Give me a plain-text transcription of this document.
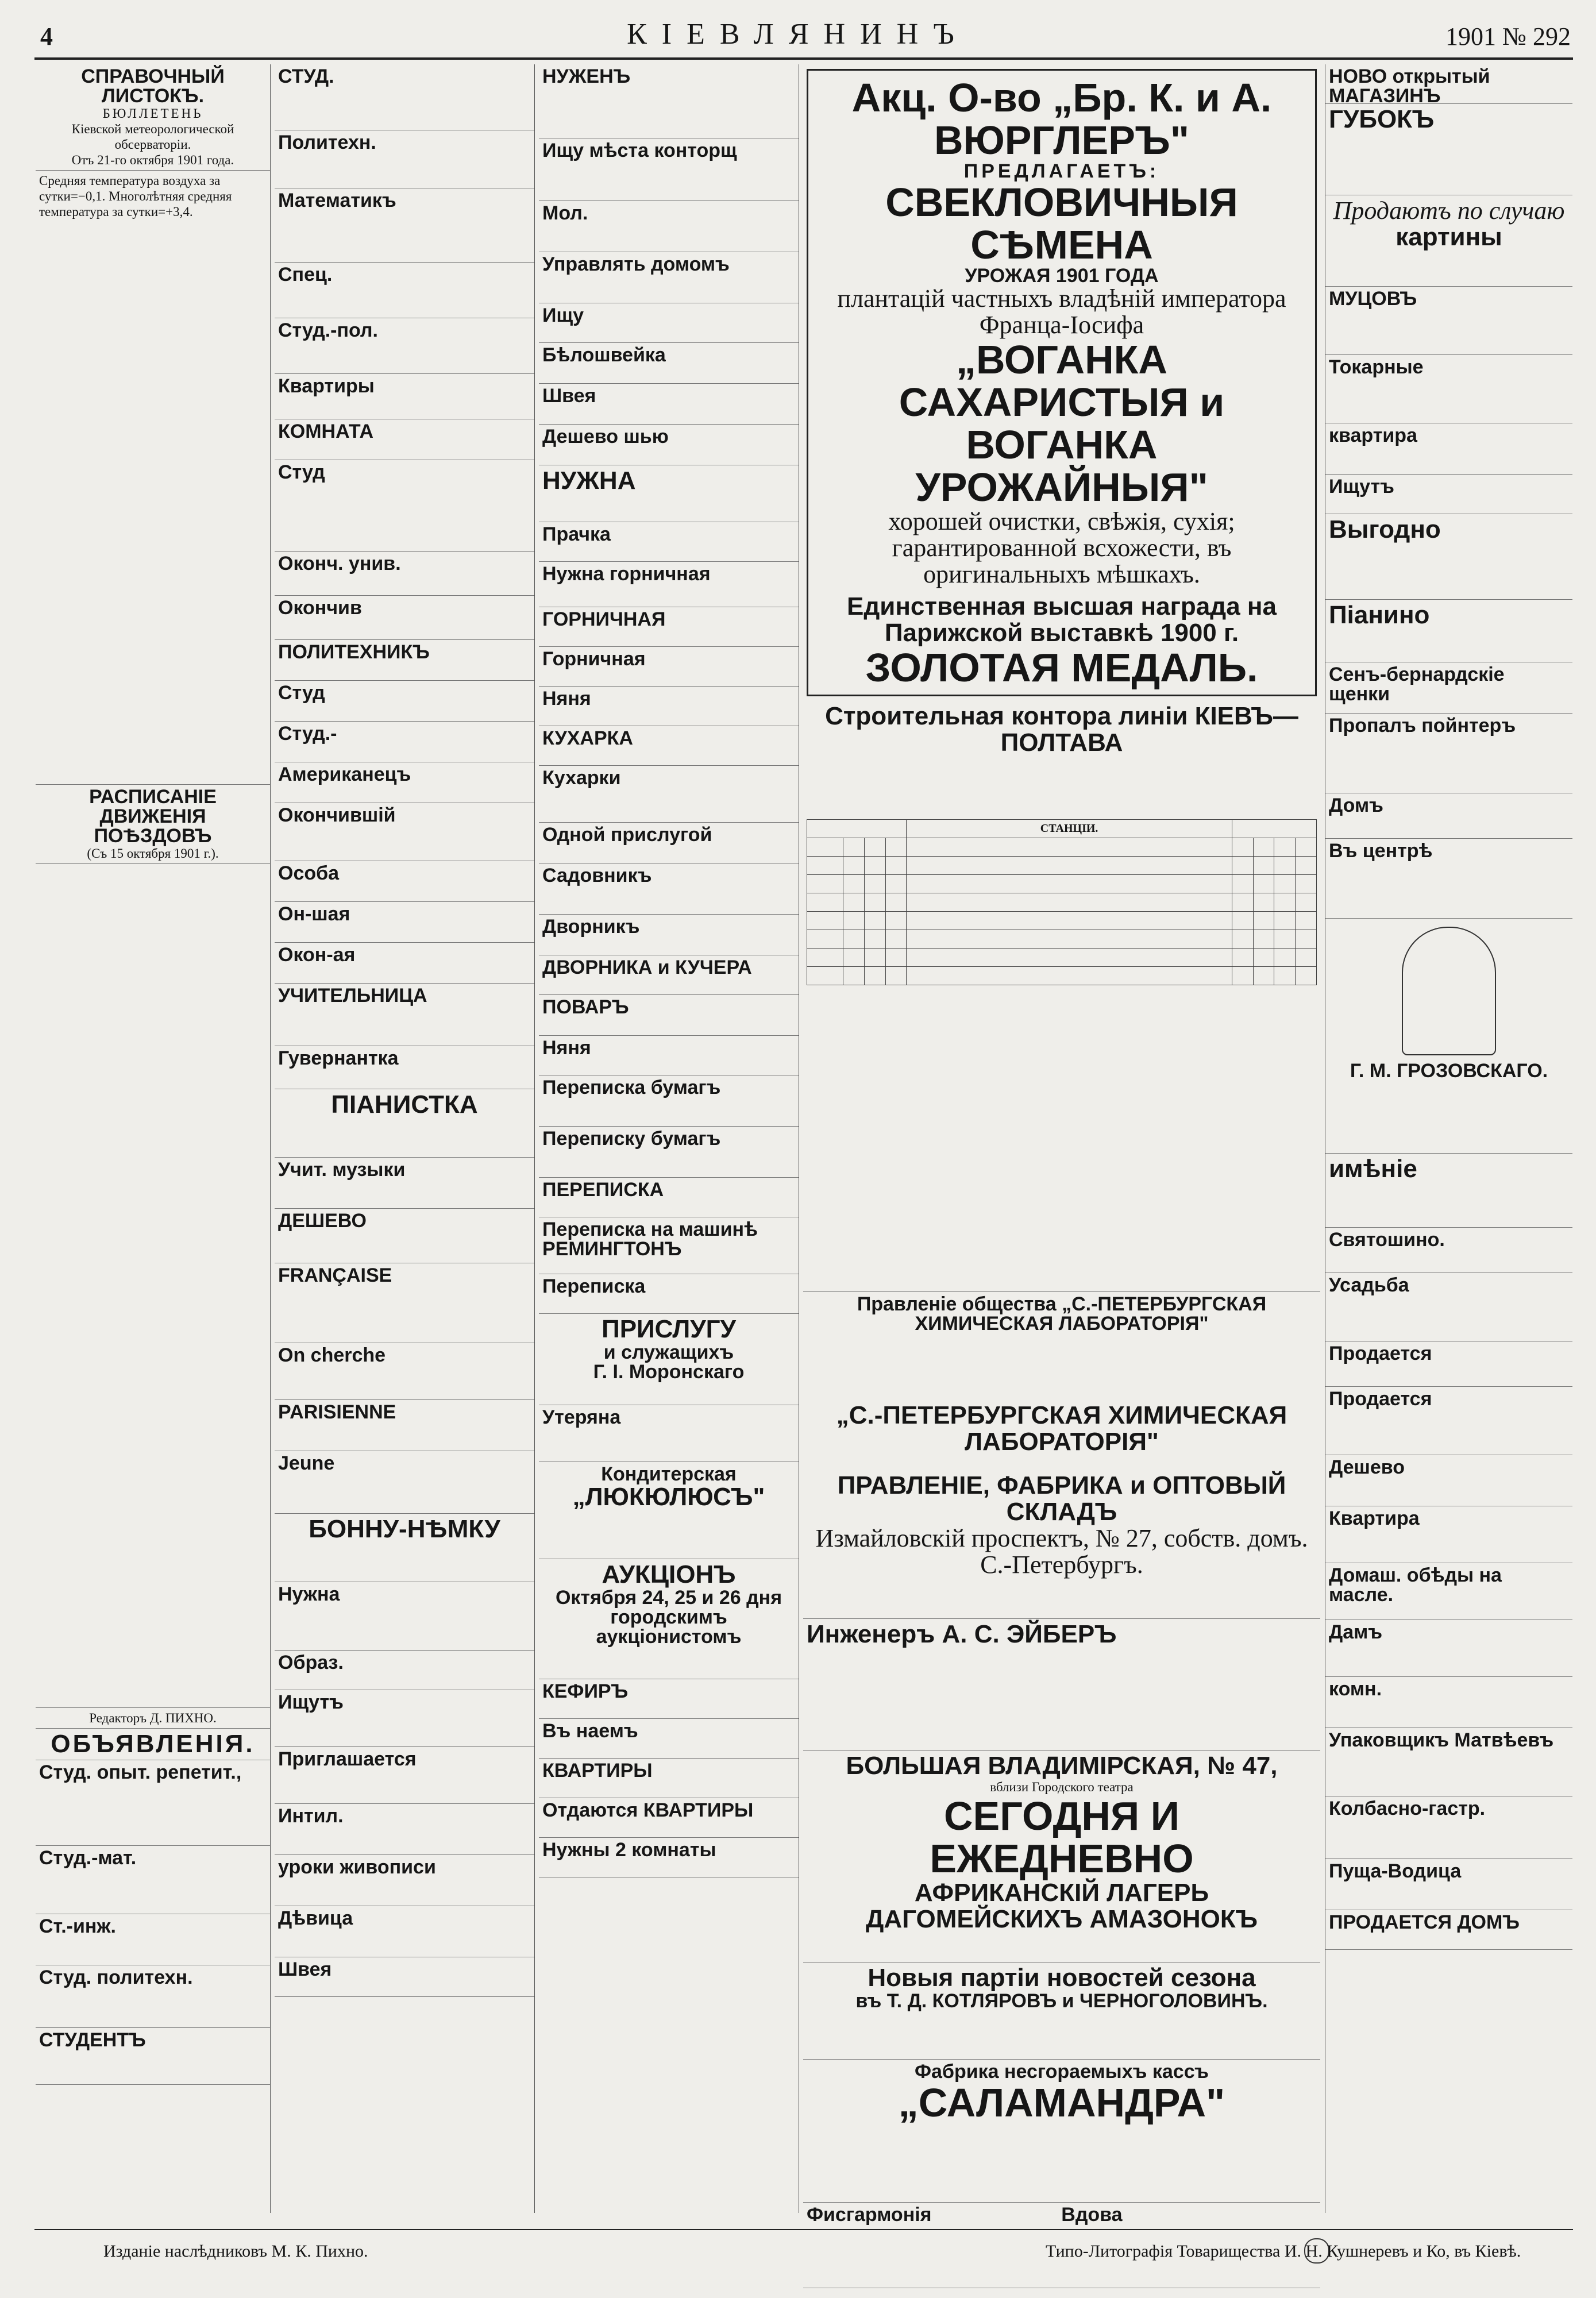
4	КІЕВЛЯНИНЪ	1901 № 292
СПРАВОЧНЫЙ ЛИСТОКЪ.
БЮЛЛЕТЕНЬ
Кіевской метеорологической обсерваторіи.
Отъ 21-го октября 1901 года.
Средняя температура воздуха за сутки=−0,1. Многолѣтняя средняя температура за сутки=+3,4.
РАСПИСАНІЕ ДВИЖЕНІЯ ПОѢЗДОВЪ
(Съ 15 октября 1901 г.).
Редакторъ Д. ПИХНО.
ОБЪЯВЛЕНІЯ.
Студ. опыт. репетит.,
Студ.-мат.
Ст.-инж.
Студ. политехн.
СТУДЕНТЪ
СТУД.
Политехн.
Математикъ
Спец.
Студ.-пол.
Квартиры
КОМНАТА
Студ
Оконч. унив.
Окончив
ПОЛИТЕХНИКЪ
Студ
Студ.-
Американецъ
Окончившій
Особа
Он-шая
Окон-ая
УЧИТЕЛЬНИЦА
Гувернантка
ПІАНИСТКА
Учит. музыки
ДЕШЕВО
FRANÇAISE
On cherche
PARISIENNE
Jeune
БОННУ-НѢМКУ
Нужна
Образ.
Ищутъ
Приглашается
Интил.
уроки живописи
Дѣвица
Швея
НУЖЕНЪ
Ищу мѣста конторщ
Мол.
Управлять домомъ
Ищу
Бѣлошвейка
Швея
Дешево шью
НУЖНА
Прачка
Нужна горничная
ГОРНИЧНАЯ
Горничная
Няня
КУХАРКА
Кухарки
Одной прислугой
Садовникъ
Дворникъ
ДВОРНИКА и КУЧЕРА
ПОВАРЪ
Няня
Переписка бумагъ
Переписку бумагъ
ПЕРЕПИСКА
Переписка на машинѣ РЕМИНГТОНЪ
Переписка
ПРИСЛУГУ
и служащихъ
Г. І. Моронскаго
Утеряна
Кондитерская
„ЛЮКЮЛЮСЪ"
АУКЦІОНЪ
Октября 24, 25 и 26 дня
городскимъ аукціонистомъ
КЕФИРЪ
Въ наемъ
КВАРТИРЫ
Отдаются КВАРТИРЫ
Нужны 2 комнаты
Акц. О-во „Бр. К. и А. ВЮРГЛЕРЪ"
ПРЕДЛАГАЕТЪ:
СВЕКЛОВИЧНЫЯ СѢМЕНА
УРОЖАЯ 1901 ГОДА
плантацій частныхъ владѣній императора Франца-Іосифа
„ВОГАНКА САХАРИСТЫЯ и ВОГАНКА УРОЖАЙНЫЯ"
хорошей очистки, свѣжія, сухія; гарантированной всхожести, въ оригинальныхъ мѣшкахъ.
Единственная высшая награда на Парижской выставкѣ 1900 г.
ЗОЛОТАЯ МЕДАЛЬ.
Строительная контора линіи КІЕВЪ—ПОЛТАВА
				СТАНЦІИ.				

Правленіе общества „С.-ПЕТЕРБУРГСКАЯ ХИМИЧЕСКАЯ ЛАБОРАТОРІЯ"
„С.-ПЕТЕРБУРГСКАЯ ХИМИЧЕСКАЯ ЛАБОРАТОРІЯ"
ПРАВЛЕНІЕ, ФАБРИКА и ОПТОВЫЙ СКЛАДЪ
Измайловскій проспектъ, № 27, собств. домъ.
С.-Петербургъ.
Инженеръ А. С. ЭЙБЕРЪ
БОЛЬШАЯ ВЛАДИМІРСКАЯ, № 47,
вблизи Городского театра
СЕГОДНЯ И ЕЖЕДНЕВНО
АФРИКАНСКІЙ ЛАГЕРЬ ДАГОМЕЙСКИХЪ АМАЗОНОКЪ
Новыя партіи новостей сезона
въ Т. Д. КОТЛЯРОВЪ и ЧЕРНОГОЛОВИНЪ.
Фабрика несгораемыхъ кассъ
„САЛАМАНДРА"
Фисгармонія	Вдова
НОВО открытый МАГАЗИНЪ
ГУБОКЪ
Продаютъ по случаю
картины
МУЦОВЪ
Токарные
квартира
Ищутъ
Выгодно
Піанино
Сенъ-бернардскіе щенки
Пропалъ пойнтеръ
Домъ
Въ центрѣ
Г. М. ГРОЗОВСКАГО.
имѣніе
Святошино.
Усадьба
Продается
Продается
Дешево
Квартира
Домаш. обѣды на масле.
Дамъ
комн.
Упаковщикъ Матвѣевъ
Колбасно-гастр.
Пуща-Водица
ПРОДАЕТСЯ ДОМЪ
Изданіе наслѣдниковъ М. К. Пихно.	Типо-Литографія Товарищества И. Н. Кушнеревъ и Ко, въ Кіевѣ.
